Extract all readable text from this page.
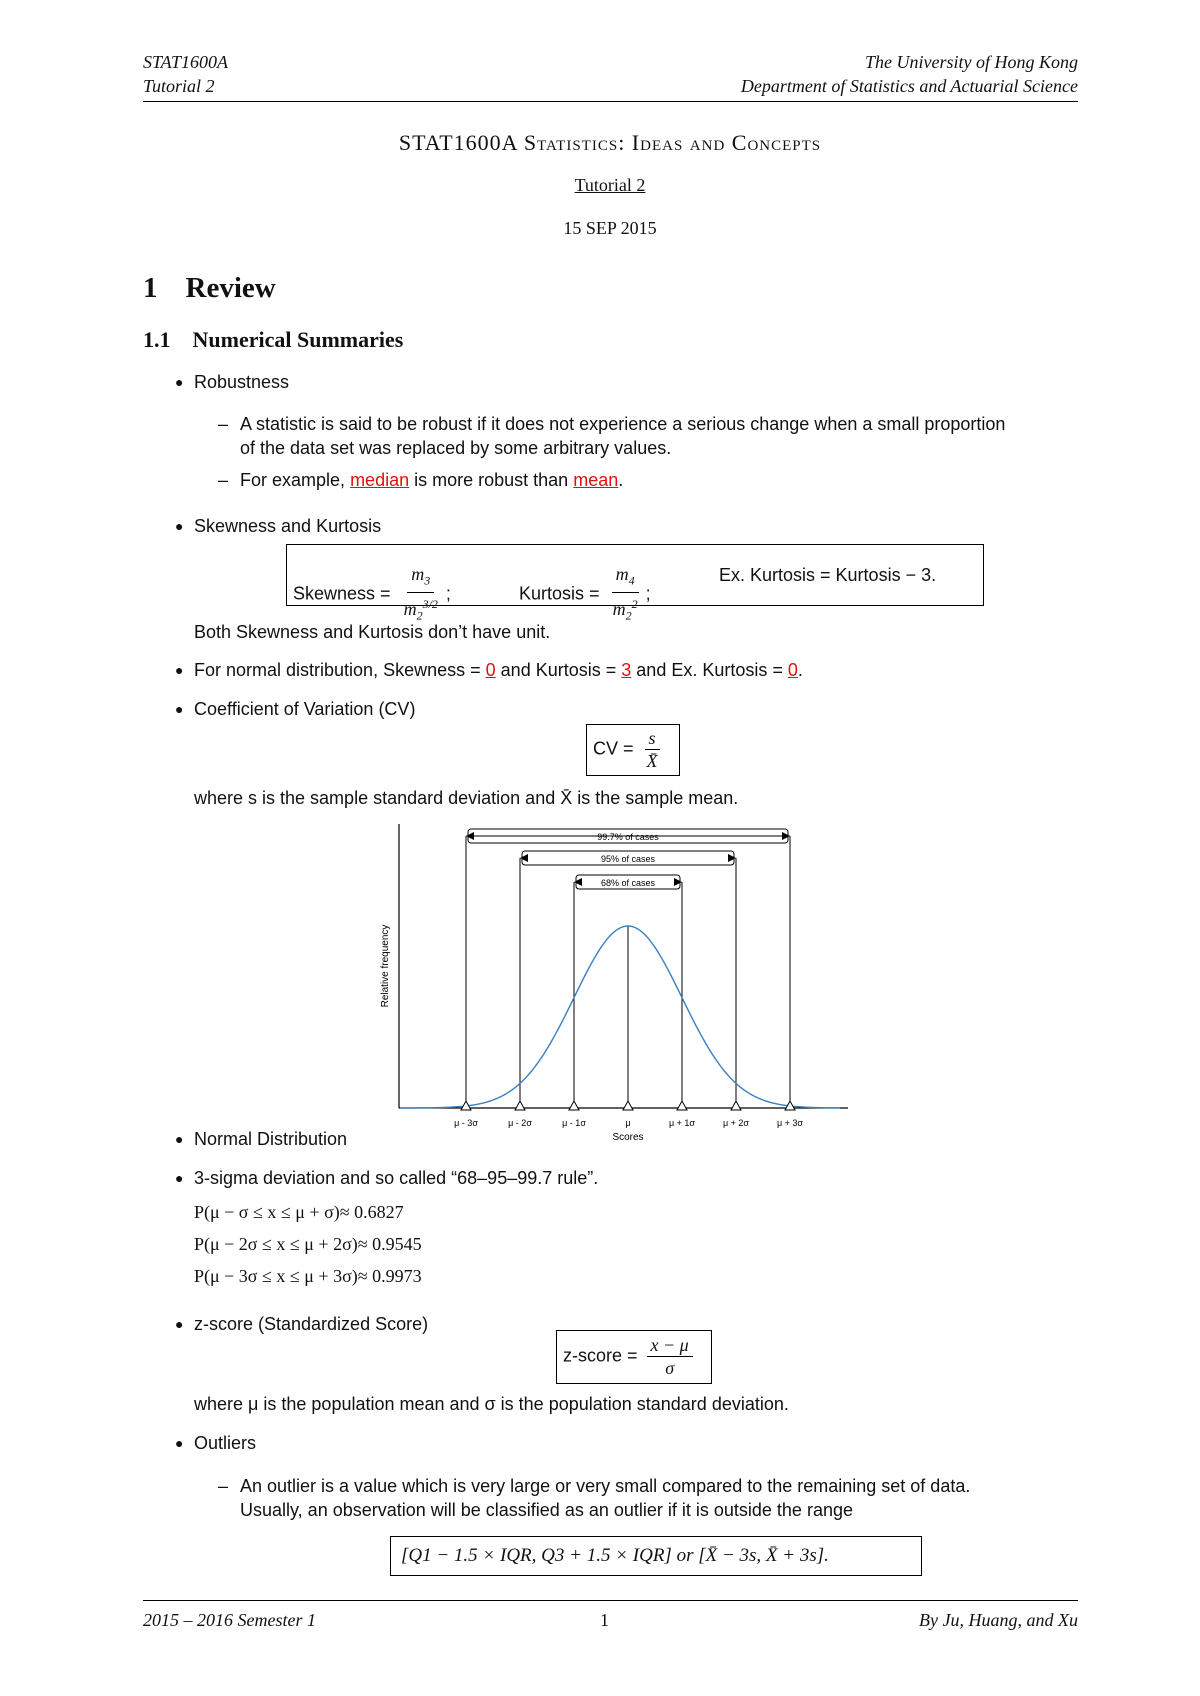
STAT1600A
Tutorial 2
The University of Hong Kong
Department of Statistics and Actuarial Science
STAT1600A Statistics: Ideas and Concepts
Tutorial 2
15 SEP 2015
1 Review
1.1 Numerical Summaries
● Robustness
– A statistic is said to be robust if it does not experience a serious change when a small proportion
of the data set was replaced by some arbitrary values.
– For example, median is more robust than mean.
● Skewness and Kurtosis
Skewness = $\frac{m_3}{m_2^{3/2}}$ ;	Kurtosis = $\frac{m_4}{m_2^2}$ ;
Ex. Kurtosis = Kurtosis − 3.
Both Skewness and Kurtosis don’t have unit.
● For normal distribution, Skewness = 0 and Kurtosis = 3 and Ex. Kurtosis = 0.
● Coefficient of Variation (CV)
CV = $\frac{s}{X̄}$
where s is the sample standard deviation and X̄ is the sample mean.
99.7% of cases
95% of cases
68% of cases
μ - 3σ	μ - 2σ	μ - 1σ	μ	μ + 1σ	μ + 2σ	μ + 3σ
Scores
Relative frequency
● Normal Distribution
● 3-sigma deviation and so called “68–95–99.7 rule”.
P(μ − σ ≤ x ≤ μ + σ)≈ 0.6827
P(μ − 2σ ≤ x ≤ μ + 2σ)≈ 0.9545
P(μ − 3σ ≤ x ≤ μ + 3σ)≈ 0.9973
● z-score (Standardized Score)
z-score = $\frac{x - \mu}{\sigma}$
where μ is the population mean and σ is the population standard deviation.
● Outliers
– An outlier is a value which is very large or very small compared to the remaining set of data.
Usually, an observation will be classified as an outlier if it is outside the range
[Q1 − 1.5 × IQR, Q3 + 1.5 × IQR] or [X̄ − 3s, X̄ + 3s].
2015 – 2016 Semester 1	1	By Ju, Huang, and Xu
